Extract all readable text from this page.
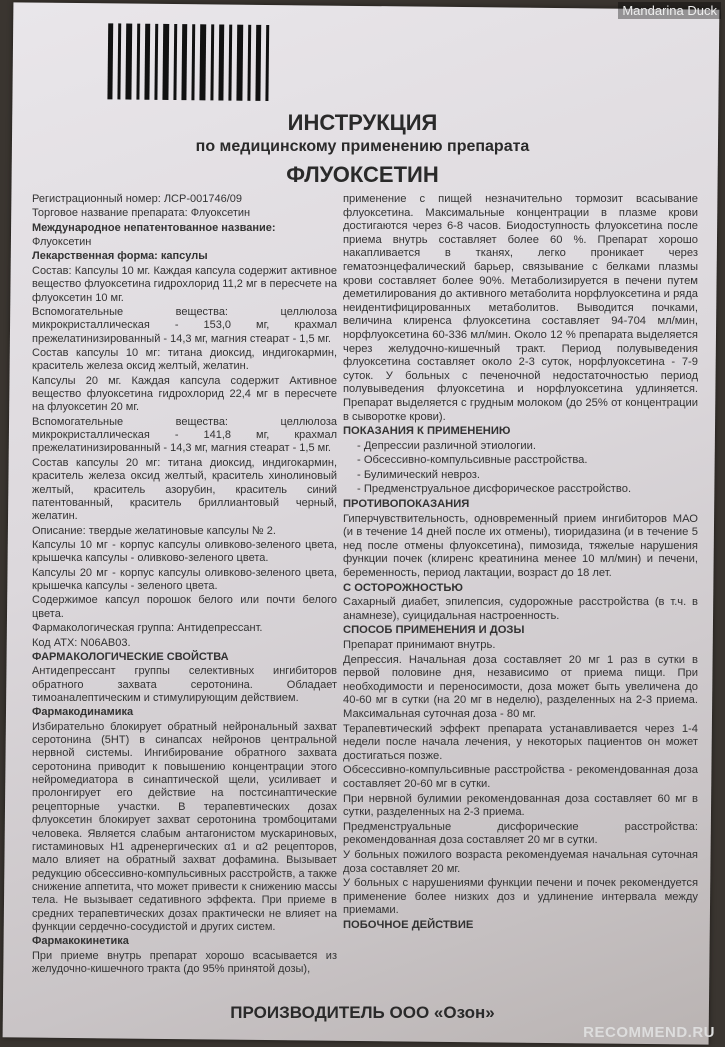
ИНСТРУКЦИЯ
по медицинскому применению препарата
ФЛУОКСЕТИН

Регистрационный номер: ЛСР-001746/09

Торговое название препарата: Флуоксетин

Международное непатентованное название:

Флуоксетин

Лекарственная форма: капсулы

Состав: Капсулы 10 мг. Каждая капсула содержит активное вещество флуоксетина гидрохлорид 11,2 мг в пересчете на флуоксетин 10 мг.

Вспомогательные вещества: целлюлоза микрокристаллическая - 153,0 мг, крахмал прежелатинизированный - 14,3 мг, магния стеарат - 1,5 мг.

Состав капсулы 10 мг: титана диоксид, индигокармин, краситель железа оксид желтый, желатин.

Капсулы 20 мг. Каждая капсула содержит Активное вещество флуоксетина гидрохлорид 22,4 мг в пересчете на флуоксетин 20 мг.

Вспомогательные вещества: целлюлоза микрокристаллическая - 141,8 мг, крахмал прежелатинизированный - 14,3 мг, магния стеарат - 1,5 мг.

Состав капсулы 20 мг: титана диоксид, индигокармин, краситель железа оксид желтый, краситель хинолиновый желтый, краситель азорубин, краситель синий патентованный, краситель бриллиантовый черный, желатин.

Описание: твердые желатиновые капсулы № 2.

Капсулы 10 мг - корпус капсулы оливково-зеленого цвета, крышечка капсулы - оливково-зеленого цвета.

Капсулы 20 мг - корпус капсулы оливково-зеленого цвета, крышечка капсулы - зеленого цвета.

Содержимое капсул порошок белого или почти белого цвета.

Фармакологическая группа: Антидепрессант.

Код АТХ: N06AB03.

ФАРМАКОЛОГИЧЕСКИЕ СВОЙСТВА

Антидепрессант группы селективных ингибиторов обратного захвата серотонина. Обладает тимоаналептическим и стимулирующим действием.

Фармакодинамика

Избирательно блокирует обратный нейрональный захват серотонина (5НТ) в синапсах нейронов центральной нервной системы. Ингибирование обратного захвата серотонина приводит к повышению концентрации этого нейромедиатора в синаптической щели, усиливает и пролонгирует его действие на постсинаптические рецепторные участки. В терапевтических дозах флуоксетин блокирует захват серотонина тромбоцитами человека. Является слабым антагонистом мускариновых, гистаминовых H1 адренергических α1 и α2 рецепторов, мало влияет на обратный захват дофамина. Вызывает редукцию обсессивно-компульсивных расстройств, а также снижение аппетита, что может привести к снижению массы тела. Не вызывает седативного эффекта. При приеме в средних терапевтических дозах практически не влияет на функции сердечно-сосудистой и других систем.

Фармакокинетика

При приеме внутрь препарат хорошо всасывается из желудочно-кишечного тракта (до 95% принятой дозы),

применение с пищей незначительно тормозит всасывание флуоксетина. Максимальные концентрации в плазме крови достигаются через 6-8 часов. Биодоступность флуоксетина после приема внутрь составляет более 60 %. Препарат хорошо накапливается в тканях, легко проникает через гематоэнцефалический барьер, связывание с белками плазмы крови составляет более 90%. Метаболизируется в печени путем деметилирования до активного метаболита норфлуоксетина и ряда неидентифицированных метаболитов. Выводится почками, величина клиренса флуоксетина составляет 94-704 мл/мин, норфлуоксетина 60-336 мл/мин. Около 12 % препарата выделяется через желудочно-кишечный тракт. Период полувыведения флуоксетина составляет около 2-3 суток, норфлуоксетина - 7-9 суток. У больных с печеночной недостаточностью период полувыведения флуоксетина и норфлуоксетина удлиняется. Препарат выделяется с грудным молоком (до 25% от концентрации в сыворотке крови).

ПОКАЗАНИЯ К ПРИМЕНЕНИЮ

- Депрессии различной этиологии.

- Обсессивно-компульсивные расстройства.

- Булимический невроз.

- Предменструальное дисфорическое расстройство.

ПРОТИВОПОКАЗАНИЯ

Гиперчувствительность, одновременный прием ингибиторов МАО (и в течение 14 дней после их отмены), тиоридазина (и в течение 5 нед после отмены флуоксетина), пимозида, тяжелые нарушения функции почек (клиренс креатинина менее 10 мл/мин) и печени, беременность, период лактации, возраст до 18 лет.

С ОСТОРОЖНОСТЬЮ

Сахарный диабет, эпилепсия, судорожные расстройства (в т.ч. в анамнезе), суицидальная настроенность.

СПОСОБ ПРИМЕНЕНИЯ И ДОЗЫ

Препарат принимают внутрь.

Депрессия. Начальная доза составляет 20 мг 1 раз в сутки в первой половине дня, независимо от приема пищи. При необходимости и переносимости, доза может быть увеличена до 40-60 мг в сутки (на 20 мг в неделю), разделенных на 2-3 приема. Максимальная суточная доза - 80 мг.

Терапевтический эффект препарата устанавливается через 1-4 недели после начала лечения, у некоторых пациентов он может достигаться позже.

Обсессивно-компульсивные расстройства - рекомендованная доза составляет 20-60 мг в сутки.

При нервной булимии рекомендованная доза составляет 60 мг в сутки, разделенных на 2-3 приема.

Предменструальные дисфорические расстройства: рекомендованная доза составляет 20 мг в сутки.

У больных пожилого возраста рекомендуемая начальная суточная доза составляет 20 мг.

У больных с нарушениями функции печени и почек рекомендуется применение более низких доз и удлинение интервала между приемами.

ПОБОЧНОЕ ДЕЙСТВИЕ

ПРОИЗВОДИТЕЛЬ ООО «Озон»
Mandarina Duck
RECOMMEND.RU
